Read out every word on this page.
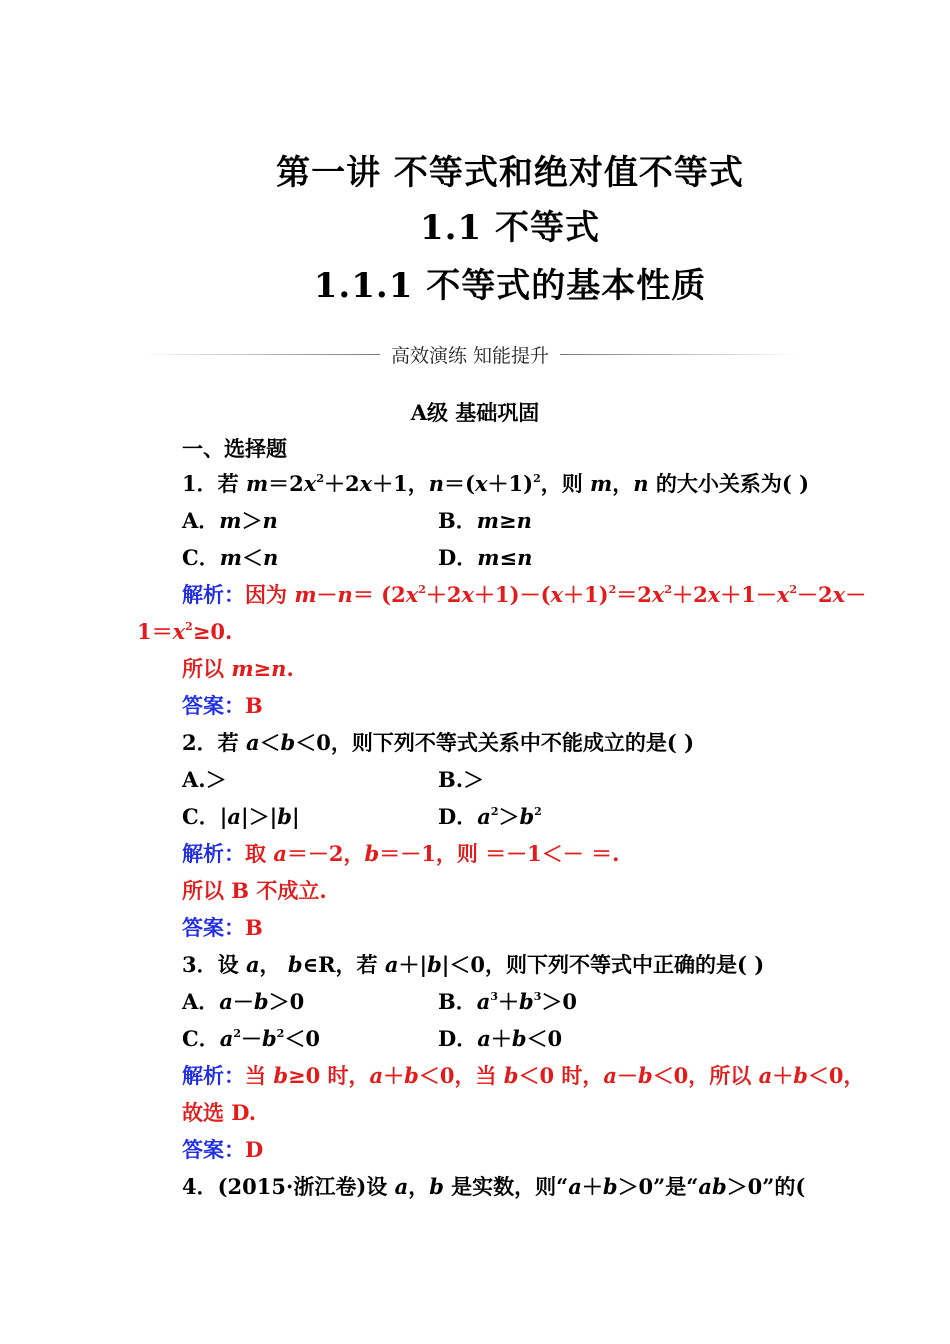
第一讲 不等式和绝对值不等式
1.1 不等式
1.1.1 不等式的基本性质
高效演练 知能提升
A级 基础巩固
一、选择题
1．若 $m=2x^2+2x+1$，$n=(x+1)^2$，则 m，n 的大小关系为( )
A．m＞n	B．m≥n
C．m＜n	D．m≤n
解析：因为 $m-n= (2x^2+2x+1)-(x+1)^2=2x^2+2x+1-x^2-2x-$
$1=x^2\ge 0$.
所以 m≥n.
答案：B
2．若 a＜b＜0，则下列不等式关系中不能成立的是( )
A.＞	B.＞
C．|a|＞|b|	D．$a^2>b^2$
解析：取 a＝－2，b＝－1，则 ＝－1＜－ ＝.
所以 B 不成立.
答案：B
3．设 a， b∈R，若 a＋|b|＜0，则下列不等式中正确的是( )
A．a－b＞0	B．$a^3+b^3>0$
C．$a^2-b^2<0$	D．a＋b＜0
解析：当 b≥0 时，a＋b＜0，当 b＜0 时，a－b＜0，所以 a＋b＜0，
故选 D.
答案：D
4．(2015·浙江卷)设 a，b 是实数，则“a＋b＞0”是“ab＞0”的(
